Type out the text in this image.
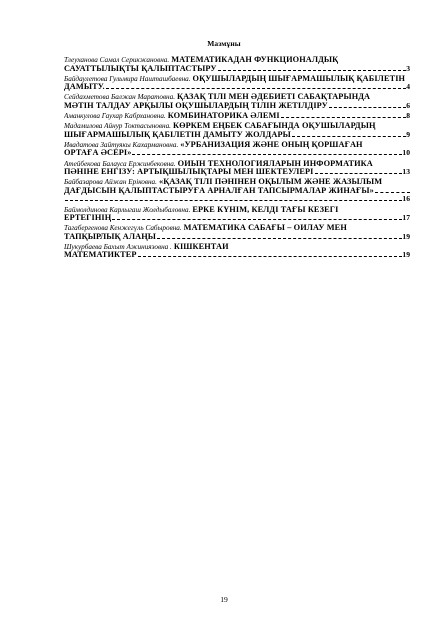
Мазмұны
Тлеуханова Самал Серикжановна. МАТЕМАТИКАДАН ФУНКЦИОНАЛДЫҚ
САУАТТЫЛЫҚТЫ ҚАЛЫПТАСТЫРУ	3
Байдаулетова Гульмира Нашташбаевна. ОҚУШЫЛАРДЫҢ ШЫҒАРМАШЫЛЫҚ ҚАБІЛЕТІН
ДАМЫТУ.	4
Сейдахметова Балжан Маратовна. ҚАЗАҚ ТІЛІ МЕН ӘДЕБИЕТІ САБАҚТАРЫНДА
МӘТІН ТАЛДАУ АРҚЫЛЫ ОҚУШЫЛАРДЫҢ ТІЛІН ЖЕТІЛДІРУ	6
Аманкулова Гаухар Кабрхановна. КОМБИНАТОРИКА ӘЛЕМІ	8
Мадамилова Айнур Токтасыновна. КӨРКЕМ ЕҢБЕК САБАҒЫНДА ОҚУШЫЛАРДЫҢ
ШЫҒАРМАШЫЛЫҚ ҚАБІЛЕТІН ДАМЫТУ ЖОЛДАРЫ	9
Ивадатова Зайтуякы Кахармановна. «УРБАНИЗАЦИЯ ЖӘНЕ ОНЫҢ ҚОРШАҒАН
ОРТАҒА ӘСЕРІ»	10
Атейбекова Балауса Ержинбековна. ОЙЫН ТЕХНОЛОГИЯЛАРЫН ИНФОРМАТИКА
ПӘНІНЕ ЕНГІЗУ: АРТЫҚШЫЛЫҚТАРЫ МЕН ШЕКТЕУЛЕРІ	13
Байбазарова Айжан Ерiковна. «ҚАЗАҚ ТІЛІ ПӘНІНЕН ОҚЫЛЫМ ЖӘНЕ ЖАЗЫЛЫМ
ДАҒДЫСЫН ҚАЛЫПТАСТЫРУҒА АРНАЛҒАН ТАПСЫРМАЛАР ЖИНАҒЫ»
16
Баймолдинова Карлыгаш Жолдыбаловна. ЕРКЕ КҮНІМ, КЕЛДІ ТАҒЫ КЕЗЕГІ
ЕРТЕГІНІҢ	17
Тагаберғенова Кенжегүль Сабыровна. МАТЕМАТИКА САБАҒЫ – ОЙЛАУ МЕН
ТАПҚЫРЛЫҚ АЛАҢЫ	19
Шукурбаева Бахыт Ажиниязовна . КІШКЕНТАЙ
МАТЕМАТИКТЕР	19
19
